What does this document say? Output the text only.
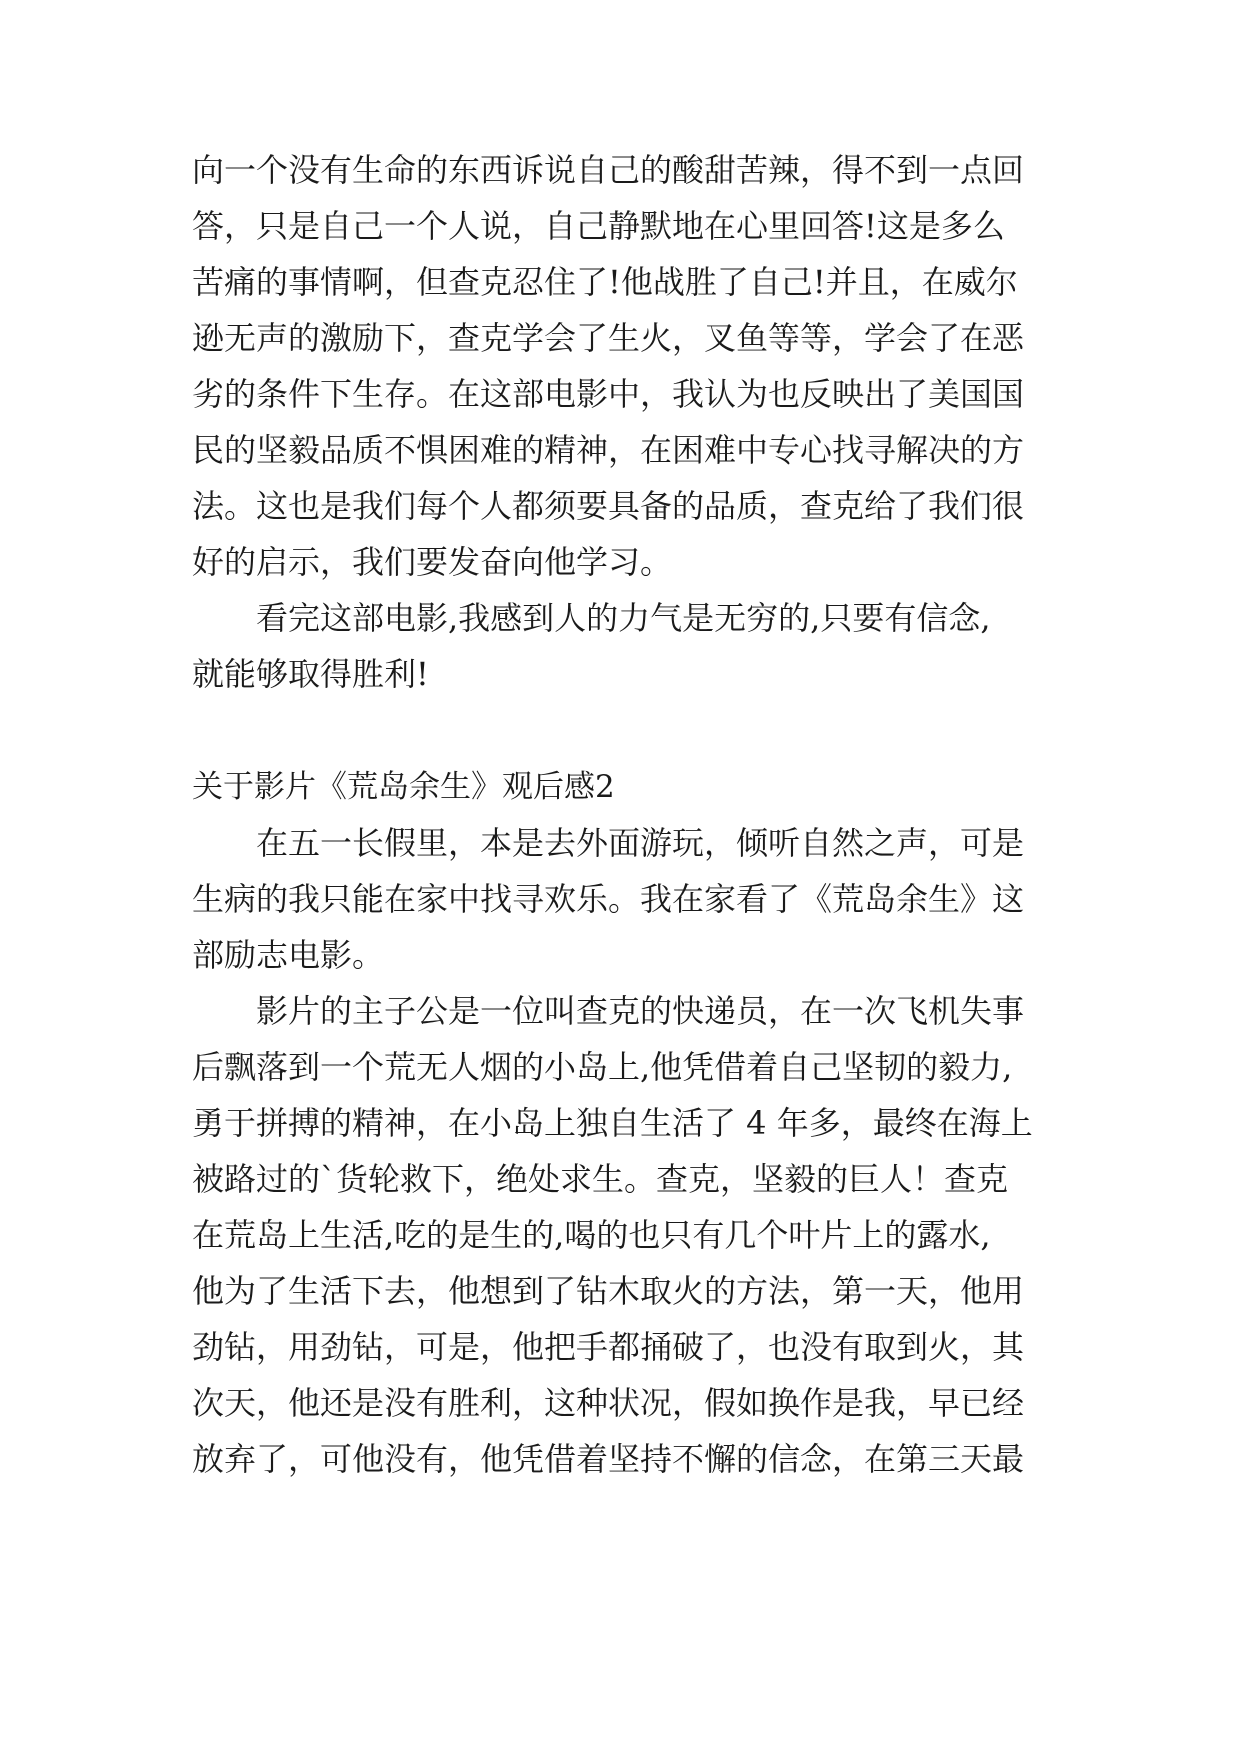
向一个没有生命的东西诉说自己的酸甜苦辣，得不到一点回
答，只是自己一个人说，自己静默地在心里回答!这是多么
苦痛的事情啊，但查克忍住了!他战胜了自己!并且，在威尔
逊无声的激励下，查克学会了生火，叉鱼等等，学会了在恶
劣的条件下生存。在这部电影中，我认为也反映出了美国国
民的坚毅品质不惧困难的精神，在困难中专心找寻解决的方
法。这也是我们每个人都须要具备的品质，查克给了我们很
好的启示，我们要发奋向他学习。
看完这部电影,我感到人的力气是无穷的,只要有信念,
就能够取得胜利!
关于影片《荒岛余生》观后感2
在五一长假里，本是去外面游玩，倾听自然之声，可是
生病的我只能在家中找寻欢乐。我在家看了《荒岛余生》这
部励志电影。
影片的主子公是一位叫查克的快递员，在一次飞机失事
后飘落到一个荒无人烟的小岛上,他凭借着自己坚韧的毅力,
勇于拼搏的精神，在小岛上独自生活了 4 年多，最终在海上
被路过的`货轮救下，绝处求生。查克，坚毅的巨人！查克
在荒岛上生活,吃的是生的,喝的也只有几个叶片上的露水,
他为了生活下去，他想到了钻木取火的方法，第一天，他用
劲钻，用劲钻，可是，他把手都捅破了，也没有取到火，其
次天，他还是没有胜利，这种状况，假如换作是我，早已经
放弃了，可他没有，他凭借着坚持不懈的信念，在第三天最
